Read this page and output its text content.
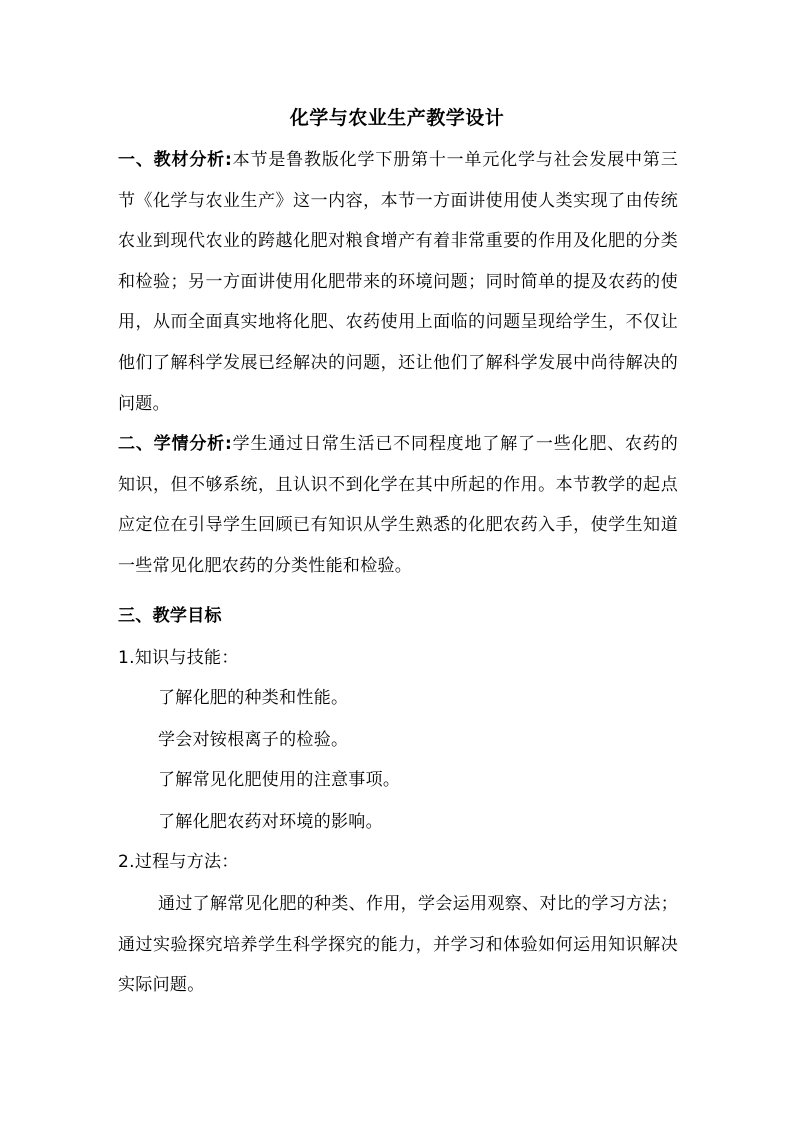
化学与农业生产教学设计
一、教材分析:本节是鲁教版化学下册第十一单元化学与社会发展中第三节《化学与农业生产》这一内容，本节一方面讲使用使人类实现了由传统农业到现代农业的跨越化肥对粮食增产有着非常重要的作用及化肥的分类和检验；另一方面讲使用化肥带来的环境问题；同时简单的提及农药的使用，从而全面真实地将化肥、农药使用上面临的问题呈现给学生，不仅让他们了解科学发展已经解决的问题，还让他们了解科学发展中尚待解决的问题。
二、学情分析:学生通过日常生活已不同程度地了解了一些化肥、农药的知识，但不够系统，且认识不到化学在其中所起的作用。本节教学的起点应定位在引导学生回顾已有知识从学生熟悉的化肥农药入手，使学生知道一些常见化肥农药的分类性能和检验。
三、教学目标
1.知识与技能：
了解化肥的种类和性能。
学会对铵根离子的检验。
了解常见化肥使用的注意事项。
了解化肥农药对环境的影响。
2.过程与方法：
通过了解常见化肥的种类、作用，学会运用观察、对比的学习方法；通过实验探究培养学生科学探究的能力，并学习和体验如何运用知识解决实际问题。
